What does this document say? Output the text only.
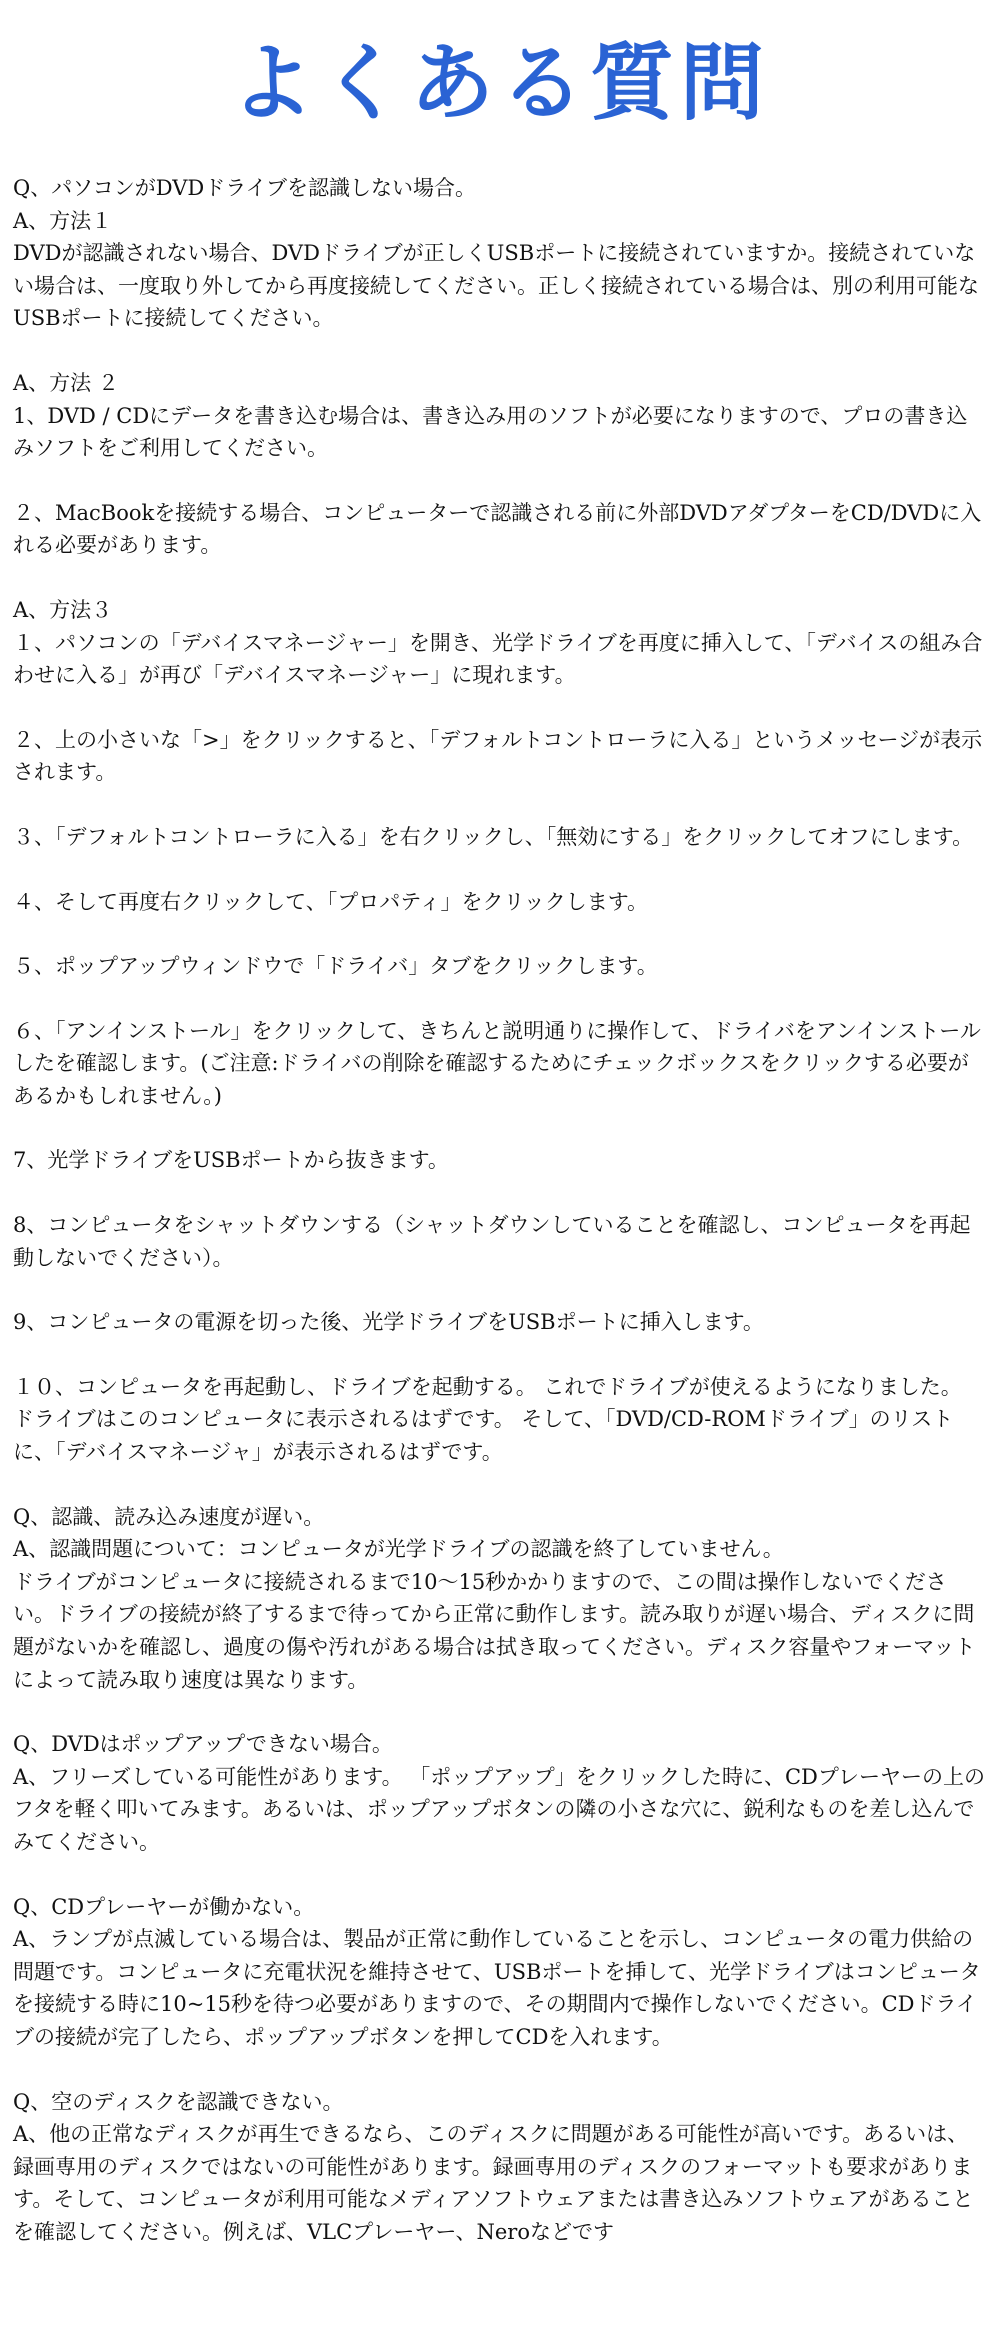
よくある質問
Q、パソコンがDVDドライブを認識しない場合。
A、方法１
DVDが認識されない場合、DVDドライブが正しくUSBポートに接続されていますか。接続されていない場合は、一度取り外してから再度接続してください。正しく接続されている場合は、別の利用可能なUSBポートに接続してください。
A、方法 ２
1、DVD / CDにデータを書き込む場合は、書き込み用のソフトが必要になりますので、プロの書き込みソフトをご利用してください。
２、MacBookを接続する場合、コンピューターで認識される前に外部DVDアダプターをCD/DVDに入れる必要があります。
A、方法３
１、パソコンの「デバイスマネージャー」を開き、光学ドライブを再度に挿入して、「デバイスの組み合わせに入る」が再び「デバイスマネージャー」に現れます。
２、上の小さいな「>」をクリックすると、「デフォルトコントローラに入る」というメッセージが表示されます。
３、「デフォルトコントローラに入る」を右クリックし、「無効にする」をクリックしてオフにします。
４、そして再度右クリックして、「プロパティ」をクリックします。
５、ポップアップウィンドウで「ドライバ」タブをクリックします。
６、「アンインストール」をクリックして、きちんと説明通りに操作して、ドライバをアンインストールしたを確認します。(ご注意:ドライバの削除を確認するためにチェックボックスをクリックする必要があるかもしれません。)
7、光学ドライブをUSBポートから抜きます。
8、コンピュータをシャットダウンする（シャットダウンしていることを確認し、コンピュータを再起動しないでください）。
9、コンピュータの電源を切った後、光学ドライブをUSBポートに挿入します。
１０、コンピュータを再起動し、ドライブを起動する。 これでドライブが使えるようになりました。 ドライブはこのコンピュータに表示されるはずです。 そして、「DVD/CD-ROMドライブ」のリストに、「デバイスマネージャ」が表示されるはずです。
Q、認識、読み込み速度が遅い。
A、認識問題について：コンピュータが光学ドライブの認識を終了していません。
ドライブがコンピュータに接続されるまで10～15秒かかりますので、この間は操作しないでください。ドライブの接続が終了するまで待ってから正常に動作します。読み取りが遅い場合、ディスクに問題がないかを確認し、過度の傷や汚れがある場合は拭き取ってください。ディスク容量やフォーマットによって読み取り速度は異なります。
Q、DVDはポップアップできない場合。
A、フリーズしている可能性があります。 「ポップアップ」をクリックした時に、CDプレーヤーの上のフタを軽く叩いてみます。あるいは、ポップアップボタンの隣の小さな穴に、鋭利なものを差し込んでみてください。
Q、CDプレーヤーが働かない。
A、ランプが点滅している場合は、製品が正常に動作していることを示し、コンピュータの電力供給の問題です。コンピュータに充電状況を維持させて、USBポートを挿して、光学ドライブはコンピュータを接続する時に10~15秒を待つ必要がありますので、その期間内で操作しないでください。CDドライブの接続が完了したら、ポップアップボタンを押してCDを入れます。
Q、空のディスクを認識できない。
A、他の正常なディスクが再生できるなら、このディスクに問題がある可能性が高いです。あるいは、録画専用のディスクではないの可能性があります。録画専用のディスクのフォーマットも要求があります。そして、コンピュータが利用可能なメディアソフトウェアまたは書き込みソフトウェアがあることを確認してください。例えば、VLCプレーヤー、Neroなどです
